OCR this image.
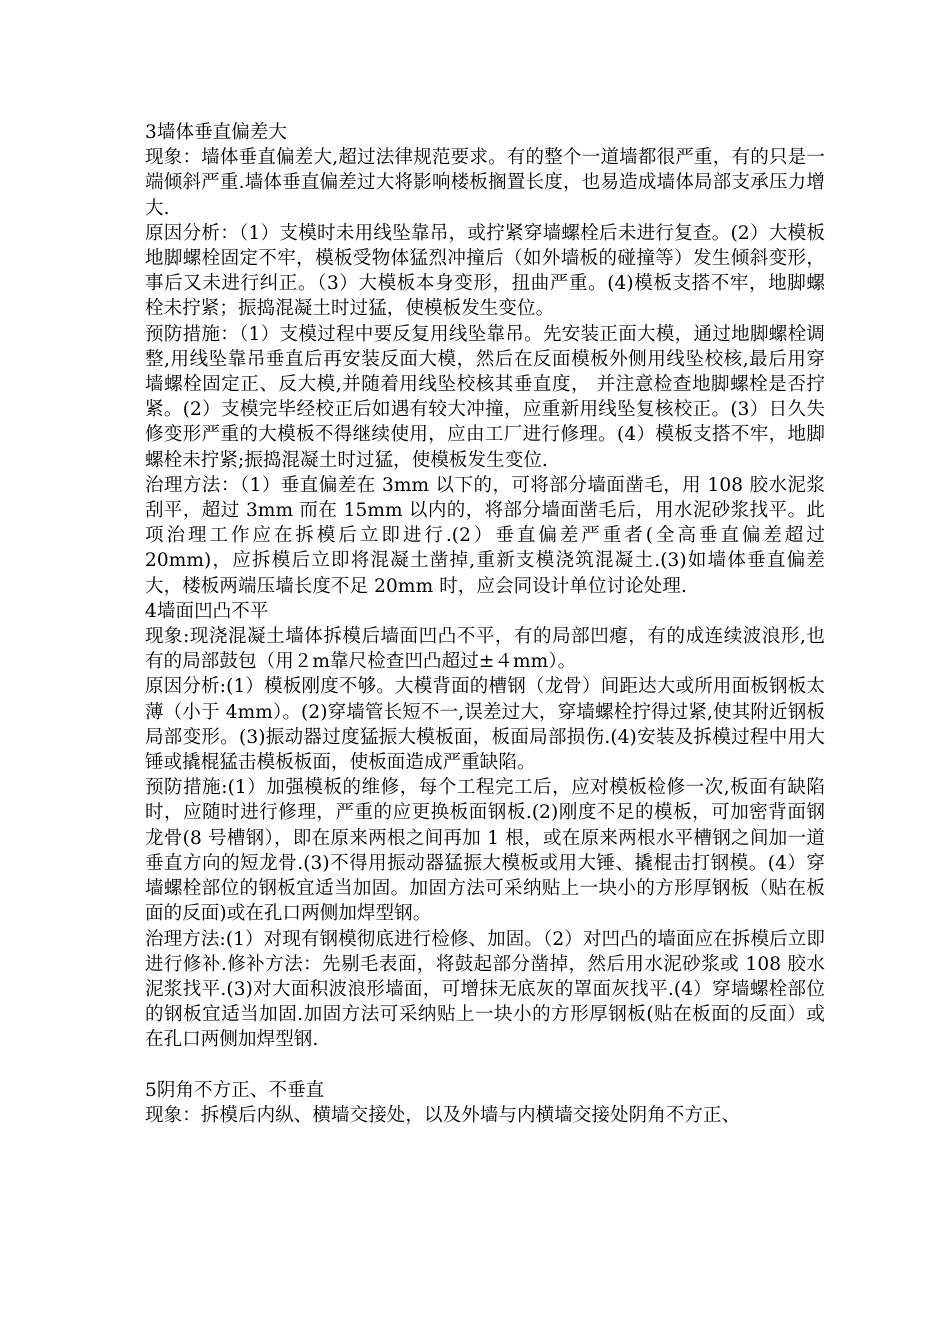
3墙体垂直偏差大

现象：墙体垂直偏差大,超过法律规范要求。有的整个一道墙都很严重，有的只是一端倾斜严重.墙体垂直偏差过大将影响楼板搁置长度，也易造成墙体局部支承压力增大.

原因分析：（1）支模时未用线坠靠吊，或拧紧穿墙螺栓后未进行复查。(2）大模板地脚螺栓固定不牢，模板受物体猛烈冲撞后（如外墙板的碰撞等）发生倾斜变形，事后又未进行纠正。（3）大模板本身变形，扭曲严重。(4)模板支搭不牢，地脚螺栓未拧紧；振捣混凝土时过猛，使模板发生变位。

预防措施：（1）支模过程中要反复用线坠靠吊。先安装正面大模，通过地脚螺栓调整,用线坠靠吊垂直后再安装反面大模，然后在反面模板外侧用线坠校核,最后用穿墙螺栓固定正、反大模,并随着用线坠校核其垂直度， 并注意检查地脚螺栓是否拧紧。(2）支模完毕经校正后如遇有较大冲撞，应重新用线坠复核校正。(3）日久失修变形严重的大模板不得继续使用，应由工厂进行修理。(4）模板支搭不牢，地脚螺栓未拧紧;振捣混凝土时过猛，使模板发生变位.

治理方法：（1）垂直偏差在 3mm 以下的，可将部分墙面凿毛，用 108 胶水泥浆刮平，超过 3mm 而在 15mm 以内的，将部分墙面凿毛后，用水泥砂浆找平。此项治理工作应在拆模后立即进行.(2）垂直偏差严重者(全高垂直偏差超过 20mm)，应拆模后立即将混凝土凿掉,重新支模浇筑混凝土.(3)如墙体垂直偏差大，楼板两端压墙长度不足 20mm 时，应会同设计单位讨论处理.

4墙面凹凸不平

现象:现浇混凝土墙体拆模后墙面凹凸不平，有的局部凹瘪，有的成连续波浪形,也有的局部鼓包（用２m靠尺检查凹凸超过±４mm）。

原因分析:(1）模板刚度不够。大模背面的槽钢（龙骨）间距达大或所用面板钢板太薄（小于 4mm）。(2)穿墙管长短不一,误差过大，穿墙螺栓拧得过紧,使其附近钢板局部变形。(3)振动器过度猛振大模板面，板面局部损伤.(4)安装及拆模过程中用大锤或撬棍猛击模板板面，使板面造成严重缺陷。

预防措施:(1）加强模板的维修，每个工程完工后，应对模板检修一次,板面有缺陷时，应随时进行修理，严重的应更换板面钢板.(2)刚度不足的模板，可加密背面钢龙骨(8 号槽钢），即在原来两根之间再加 1 根，或在原来两根水平槽钢之间加一道垂直方向的短龙骨.(3)不得用振动器猛振大模板或用大锤、撬棍击打钢模。(4）穿墙螺栓部位的钢板宜适当加固。加固方法可采纳贴上一块小的方形厚钢板（贴在板面的反面)或在孔口两侧加焊型钢。

治理方法:(1）对现有钢模彻底进行检修、加固。（2）对凹凸的墙面应在拆模后立即进行修补.修补方法：先剔毛表面，将鼓起部分凿掉，然后用水泥砂浆或 108 胶水泥浆找平.(3)对大面积波浪形墙面，可增抹无底灰的罩面灰找平.(4）穿墙螺栓部位的钢板宜适当加固.加固方法可采纳贴上一块小的方形厚钢板(贴在板面的反面）或在孔口两侧加焊型钢.

5阴角不方正、不垂直

现象：拆模后内纵、横墙交接处，以及外墙与内横墙交接处阴角不方正、
